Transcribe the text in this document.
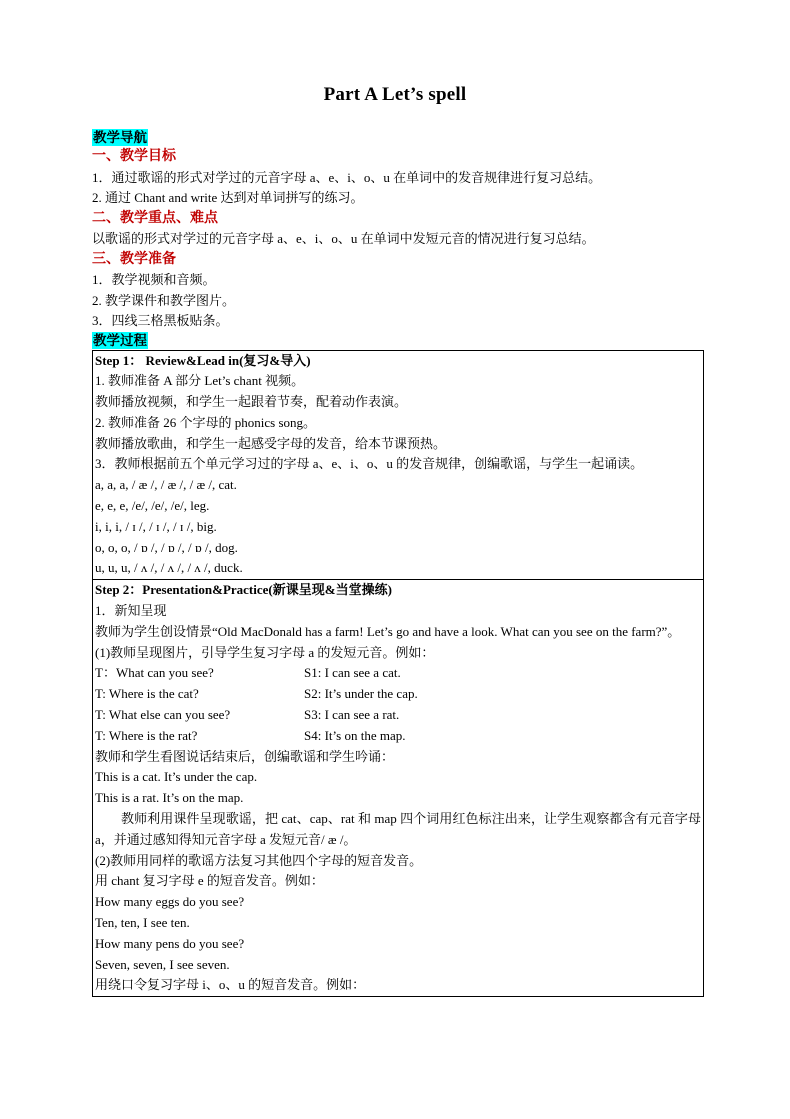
Part A Let’s spell
教学导航
一、教学目标
1．通过歌谣的形式对学过的元音字母 a、e、i、o、u 在单词中的发音规律进行复习总结。
2. 通过 Chant and write 达到对单词拼写的练习。
二、教学重点、难点
以歌谣的形式对学过的元音字母 a、e、i、o、u 在单词中发短元音的情况进行复习总结。
三、教学准备
1．教学视频和音频。
2. 教学课件和教学图片。
3．四线三格黑板贴条。
教学过程
Step 1： Review&Lead in(复习&导入)
1. 教师准备 A 部分 Let’s chant 视频。
教师播放视频，和学生一起跟着节奏，配着动作表演。
2. 教师准备 26 个字母的 phonics song。
教师播放歌曲，和学生一起感受字母的发音，给本节课预热。
3．教师根据前五个单元学习过的字母 a、e、i、o、u 的发音规律，创编歌谣，与学生一起诵读。
a, a, a, / æ /, / æ /, / æ /, cat.
e, e, e, /e/, /e/, /e/, leg.
i, i, i, / ɪ /, / ɪ /, / ɪ /, big.
o, o, o, / ɒ /, / ɒ /, / ɒ /, dog.
u, u, u, / ʌ /, / ʌ /, / ʌ /, duck.
Step 2：Presentation&Practice(新课呈现&当堂操练)
1．新知呈现
教师为学生创设情景“Old MacDonald has a farm! Let’s go and have a look. What can you see on the farm?”。
(1)教师呈现图片，引导学生复习字母 a 的发短元音。例如：
T：What can you see?	S1: I can see a cat.
T: Where is the cat?	S2: It’s under the cap.
T: What else can you see?	S3: I can see a rat.
T: Where is the rat?	S4: It’s on the map.
教师和学生看图说话结束后，创编歌谣和学生吟诵：
This is a cat. It’s under the cap.
This is a rat. It’s on the map.
教师利用课件呈现歌谣，把 cat、cap、rat 和 map 四个词用红色标注出来，让学生观察都含有元音字母 a，并通过感知得知元音字母 a 发短元音/ æ /。
(2)教师用同样的歌谣方法复习其他四个字母的短音发音。
用 chant 复习字母 e 的短音发音。例如：
How many eggs do you see?
Ten, ten, I see ten.
How many pens do you see?
Seven, seven, I see seven.
用绕口令复习字母 i、o、u 的短音发音。例如：
